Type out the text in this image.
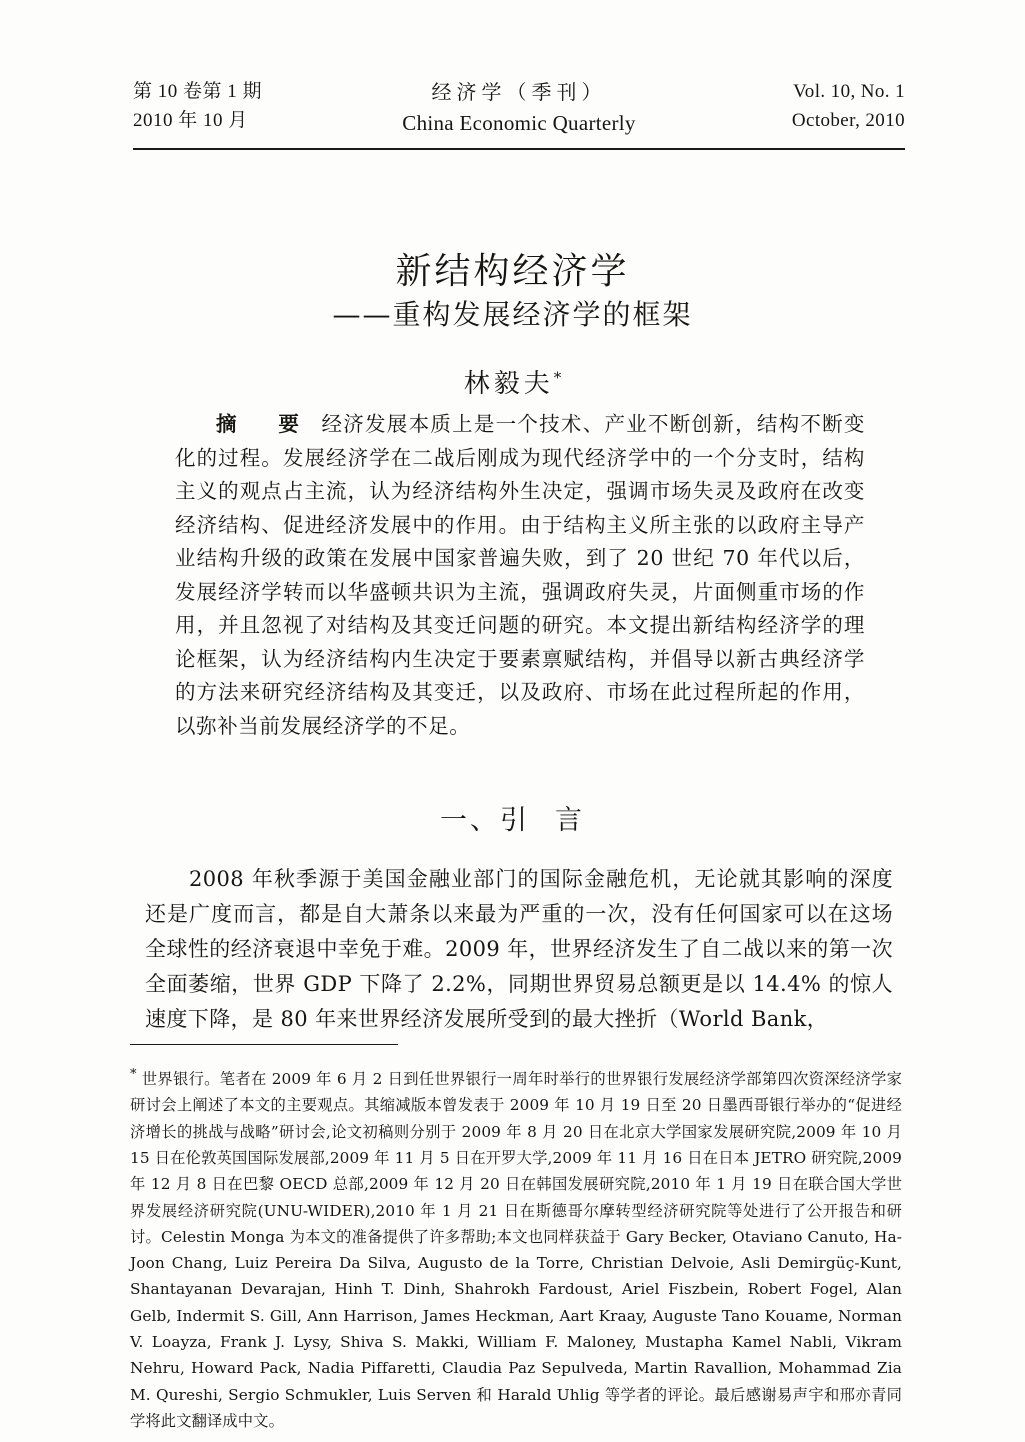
第 10 卷第 1 期
2010 年 10 月
经济学（季刊）
China Economic Quarterly
Vol. 10, No. 1
October, 2010
新结构经济学
——重构发展经济学的框架
林毅夫*
摘　要 经济发展本质上是一个技术、产业不断创新，结构不断变化的过程。发展经济学在二战后刚成为现代经济学中的一个分支时，结构主义的观点占主流，认为经济结构外生决定，强调市场失灵及政府在改变经济结构、促进经济发展中的作用。由于结构主义所主张的以政府主导产业结构升级的政策在发展中国家普遍失败，到了 20 世纪 70 年代以后，发展经济学转而以华盛顿共识为主流，强调政府失灵，片面侧重市场的作用，并且忽视了对结构及其变迁问题的研究。本文提出新结构经济学的理论框架，认为经济结构内生决定于要素禀赋结构，并倡导以新古典经济学的方法来研究经济结构及其变迁，以及政府、市场在此过程所起的作用，以弥补当前发展经济学的不足。
一、引言
2008 年秋季源于美国金融业部门的国际金融危机，无论就其影响的深度还是广度而言，都是自大萧条以来最为严重的一次，没有任何国家可以在这场全球性的经济衰退中幸免于难。2009 年，世界经济发生了自二战以来的第一次全面萎缩，世界 GDP 下降了 2.2%，同期世界贸易总额更是以 14.4% 的惊人速度下降，是 80 年来世界经济发展所受到的最大挫折（World Bank，
* 世界银行。笔者在 2009 年 6 月 2 日到任世界银行一周年时举行的世界银行发展经济学部第四次资深经济学家研讨会上阐述了本文的主要观点。其缩减版本曾发表于 2009 年 10 月 19 日至 20 日墨西哥银行举办的“促进经济增长的挑战与战略”研讨会,论文初稿则分别于 2009 年 8 月 20 日在北京大学国家发展研究院,2009 年 10 月 15 日在伦敦英国国际发展部,2009 年 11 月 5 日在开罗大学,2009 年 11 月 16 日在日本 JETRO 研究院,2009 年 12 月 8 日在巴黎 OECD 总部,2009 年 12 月 20 日在韩国发展研究院,2010 年 1 月 19 日在联合国大学世界发展经济研究院(UNU-WIDER),2010 年 1 月 21 日在斯德哥尔摩转型经济研究院等处进行了公开报告和研讨。Celestin Monga 为本文的准备提供了许多帮助;本文也同样获益于 Gary Becker, Otaviano Canuto, Ha-Joon Chang, Luiz Pereira Da Silva, Augusto de la Torre, Christian Delvoie, Asli Demirgüç-Kunt, Shantayanan Devarajan, Hinh T. Dinh, Shahrokh Fardoust, Ariel Fiszbein, Robert Fogel, Alan Gelb, Indermit S. Gill, Ann Harrison, James Heckman, Aart Kraay, Auguste Tano Kouame, Norman V. Loayza, Frank J. Lysy, Shiva S. Makki, William F. Maloney, Mustapha Kamel Nabli, Vikram Nehru, Howard Pack, Nadia Piffaretti, Claudia Paz Sepulveda, Martin Ravallion, Mohammad Zia M. Qureshi, Sergio Schmukler, Luis Serven 和 Harald Uhlig 等学者的评论。最后感谢易声宇和邢亦青同学将此文翻译成中文。
